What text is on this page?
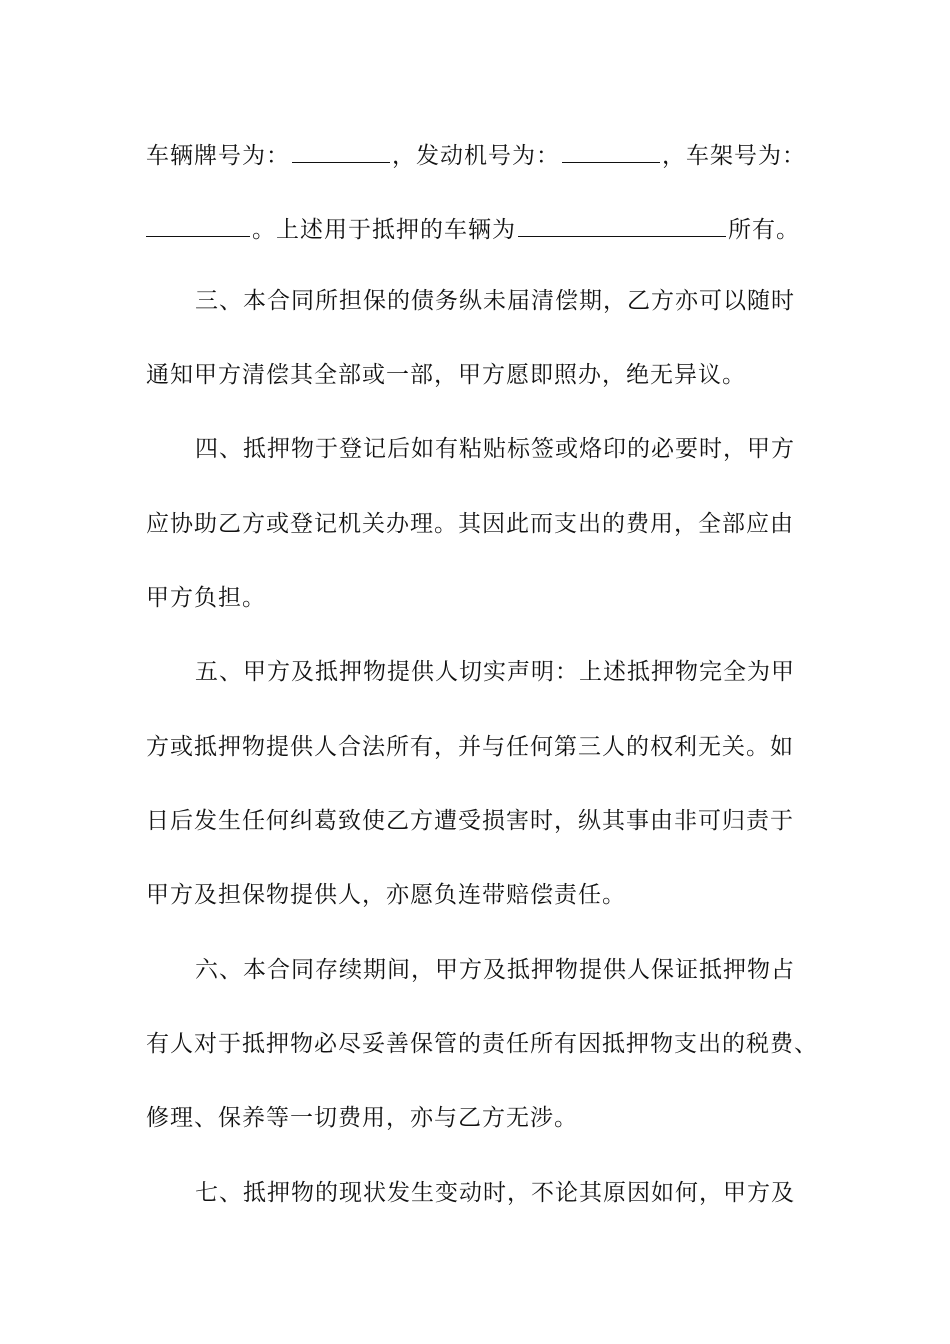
车辆牌号为：	，发动机号为：	，车架号为：
。上述用于抵押的车辆为	所有。
三、本合同所担保的债务纵未届清偿期，乙方亦可以随时
通知甲方清偿其全部或一部，甲方愿即照办，绝无异议。
四、抵押物于登记后如有粘贴标签或烙印的必要时，甲方
应协助乙方或登记机关办理。其因此而支出的费用，全部应由
甲方负担。
五、甲方及抵押物提供人切实声明：上述抵押物完全为甲
方或抵押物提供人合法所有，并与任何第三人的权利无关。如
日后发生任何纠葛致使乙方遭受损害时，纵其事由非可归责于
甲方及担保物提供人，亦愿负连带赔偿责任。
六、本合同存续期间，甲方及抵押物提供人保证抵押物占
有人对于抵押物必尽妥善保管的责任所有因抵押物支出的税费、
修理、保养等一切费用，亦与乙方无涉。
七、抵押物的现状发生变动时，不论其原因如何，甲方及
